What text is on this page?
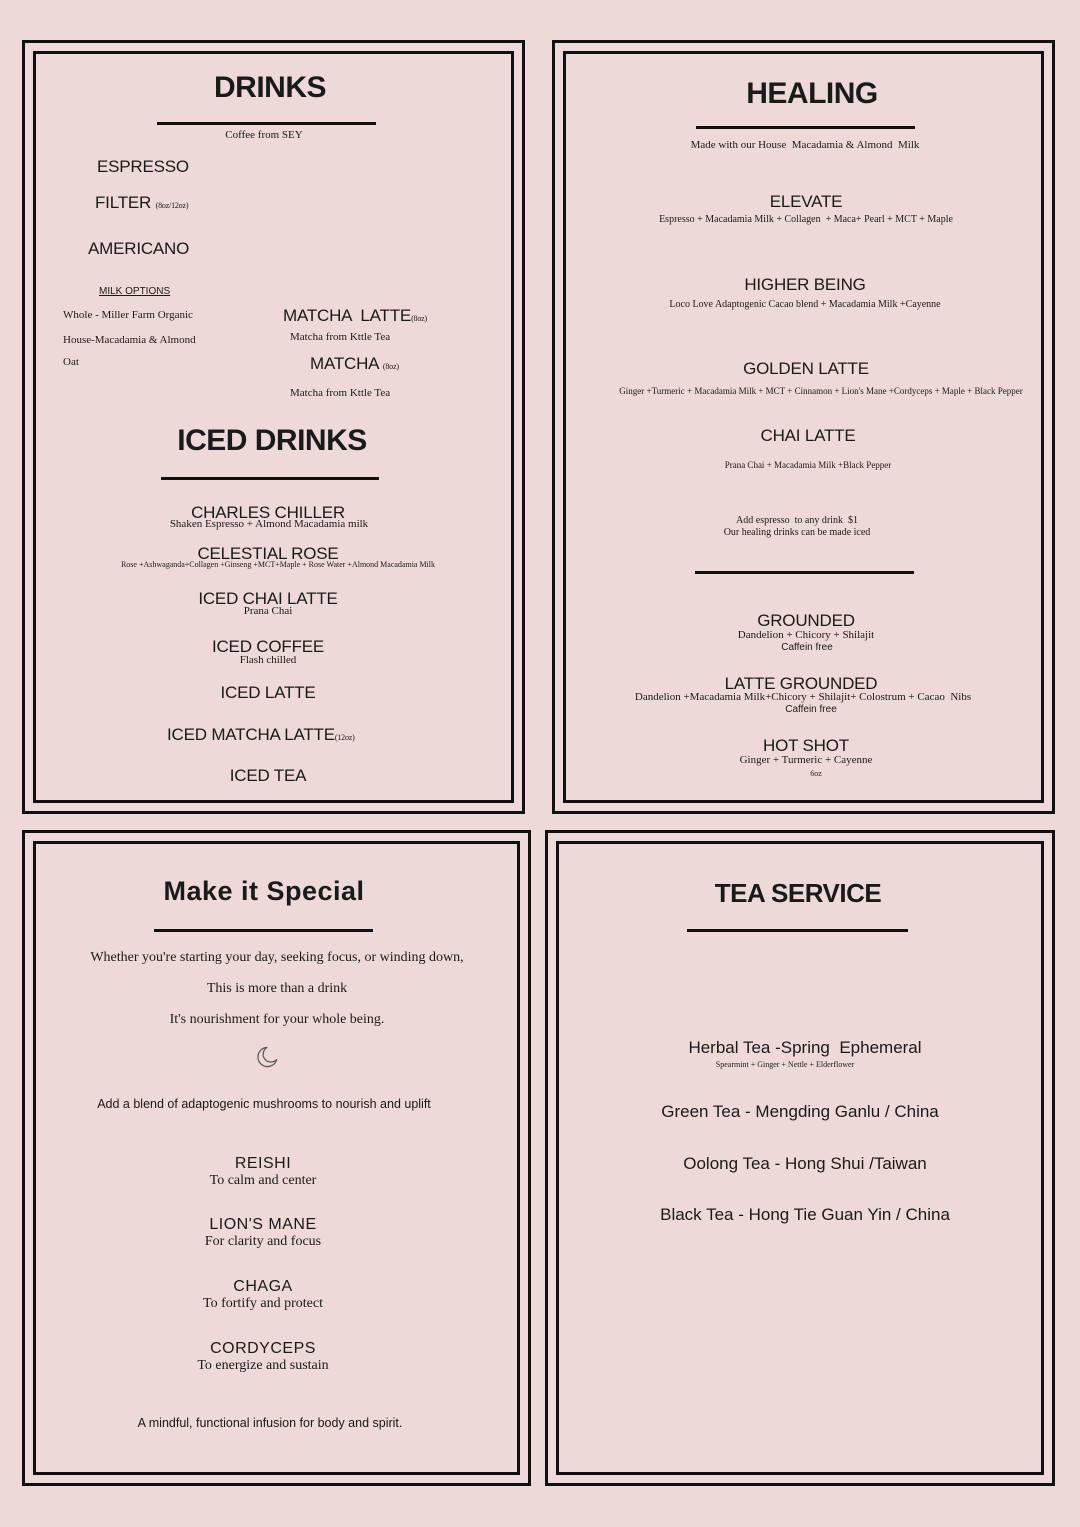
DRINKS
Coffee from SEY
ESPRESSO
FILTER (8oz/12oz)
AMERICANO
MILK OPTIONS
Whole - Miller Farm Organic
House-Macadamia & Almond
Oat
MATCHA  LATTE(8oz)
Matcha from Kttle Tea
MATCHA (8oz)
Matcha from Kttle Tea
ICED DRINKS
CHARLES CHILLER
Shaken Espresso + Almond Macadamia milk
CELESTIAL ROSE
Rose +Ashwaganda+Collagen +Ginseng +MCT+Maple + Rose Water +Almond Macadamia Milk
ICED CHAI LATTE
Prana Chai
ICED COFFEE
Flash chilled
ICED LATTE
ICED MATCHA LATTE(12oz)
ICED TEA
HEALING
Made with our House  Macadamia & Almond  Milk
ELEVATE
Espresso + Macadamia Milk + Collagen  + Maca+ Pearl + MCT + Maple
HIGHER BEING
Loco Love Adaptogenic Cacao blend + Macadamia Milk +Cayenne
GOLDEN LATTE
Ginger +Turmeric + Macadamia Milk + MCT + Cinnamon + Lion's Mane +Cordyceps + Maple + Black Pepper
CHAI LATTE
Prana Chai + Macadamia Milk +Black Pepper
Add espresso  to any drink  $1
Our healing drinks can be made iced
GROUNDED
Dandelion + Chicory + Shilajit
Caffein free
LATTE GROUNDED
Dandelion +Macadamia Milk+Chicory + Shilajit+ Colostrum + Cacao  Nibs
Caffein free
HOT SHOT
Ginger + Turmeric + Cayenne
6oz
Make it Special
Whether you're starting your day, seeking focus, or winding down,
This is more than a drink
It's nourishment for your whole being.
Add a blend of adaptogenic mushrooms to nourish and uplift
REISHI
To calm and center
LION'S MANE
For clarity and focus
CHAGA
To fortify and protect
CORDYCEPS
To energize and sustain
A mindful, functional infusion for body and spirit.
TEA SERVICE
Herbal Tea -Spring  Ephemeral
Spearmint + Ginger + Nettle + Elderflower
Green Tea - Mengding Ganlu / China
Oolong Tea - Hong Shui /Taiwan
Black Tea - Hong Tie Guan Yin / China
